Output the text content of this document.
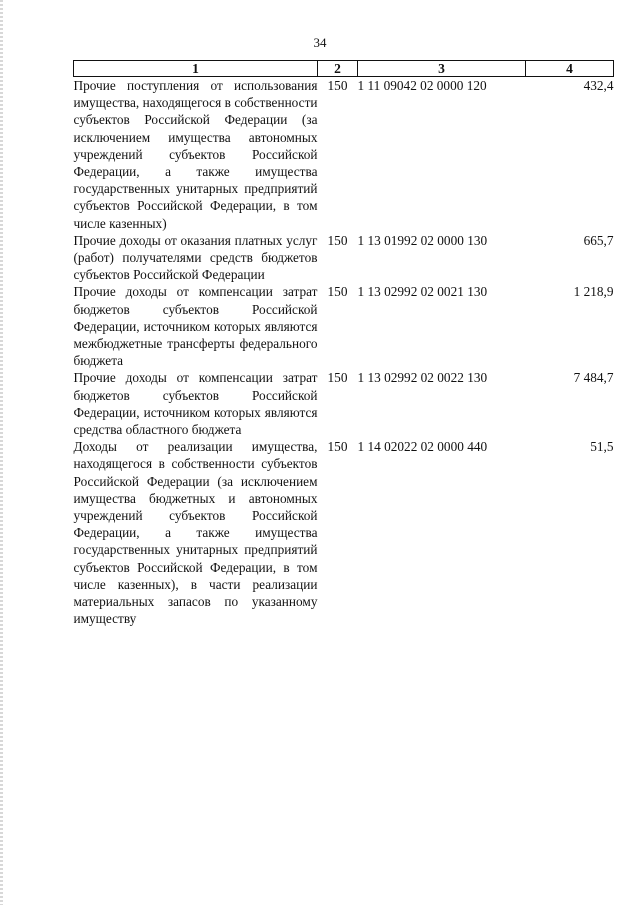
34
1	2	3	4
Прочие поступления от использования имущества, находящегося в собственности субъектов Российской Федерации (за исключением имущества автономных учреждений субъектов Российской Федерации, а также имущества государственных унитарных предприятий субъектов Российской Федерации, в том числе казенных)	150	1 11 09042 02 0000 120	432,4
Прочие доходы от оказания платных услуг (работ) получателями средств бюджетов субъектов Российской Федерации	150	1 13 01992 02 0000 130	665,7
Прочие доходы от компенсации затрат бюджетов субъектов Российской Федерации, источником которых являются межбюджетные трансферты федерального бюджета	150	1 13 02992 02 0021 130	1 218,9
Прочие доходы от компенсации затрат бюджетов субъектов Российской Федерации, источником которых являются средства областного бюджета	150	1 13 02992 02 0022 130	7 484,7
Доходы от реализации имущества, находящегося в собственности субъектов Российской Федерации (за исключением имущества бюджетных и автономных учреждений субъектов Российской Федерации, а также имущества государственных унитарных предприятий субъектов Российской Федерации, в том числе казенных), в части реализации материальных запасов по указанному имуществу	150	1 14 02022 02 0000 440	51,5
